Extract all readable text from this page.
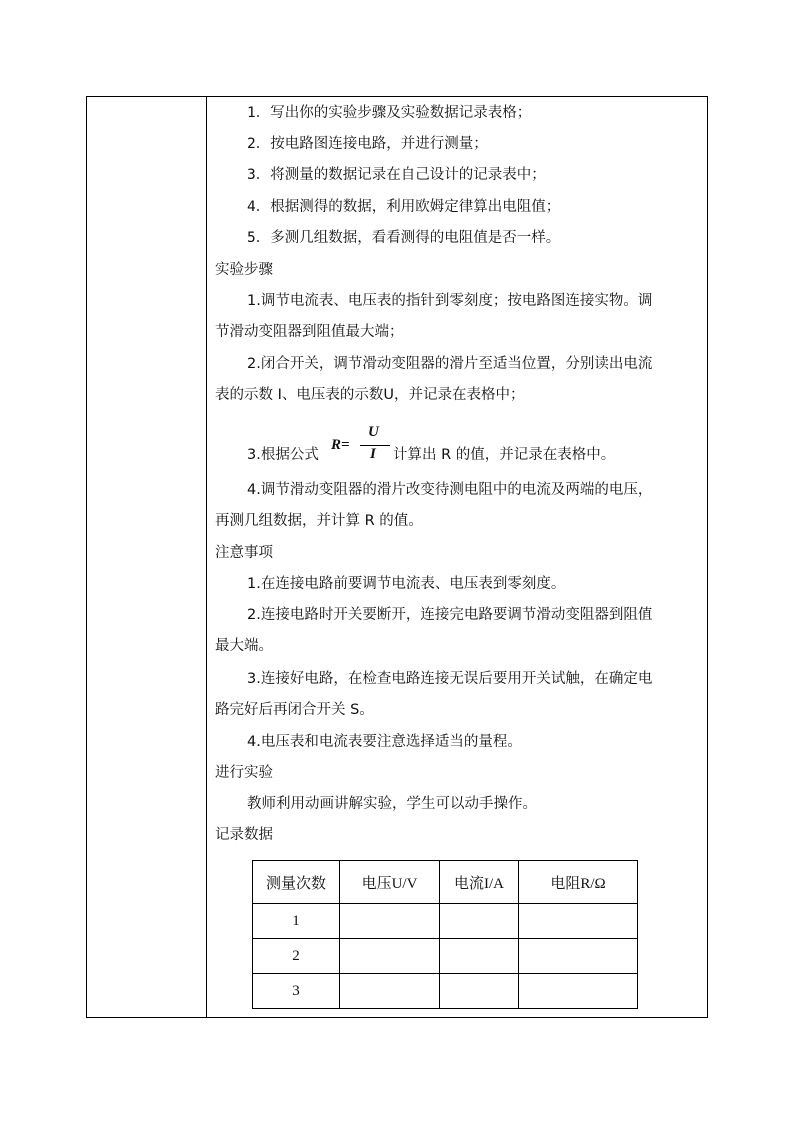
1．写出你的实验步骤及实验数据记录表格；
2．按电路图连接电路，并进行测量；
3．将测量的数据记录在自己设计的记录表中；
4．根据测得的数据，利用欧姆定律算出电阻值；
5．多测几组数据，看看测得的电阻值是否一样。
实验步骤
1.调节电流表、电压表的指针到零刻度；按电路图连接实物。调
节滑动变阻器到阻值最大端；
2.闭合开关，调节滑动变阻器的滑片至适当位置，分别读出电流
表的示数 I、电压表的示数U，并记录在表格中；
3.根据公式
R=
U
I 计算出 R 的值，并记录在表格中。
4.调节滑动变阻器的滑片改变待测电阻中的电流及两端的电压，
再测几组数据，并计算 R 的值。
注意事项
1.在连接电路前要调节电流表、电压表到零刻度。
2.连接电路时开关要断开，连接完电路要调节滑动变阻器到阻值
最大端。
3.连接好电路，在检查电路连接无误后要用开关试触，在确定电
路完好后再闭合开关 S。
4.电压表和电流表要注意选择适当的量程。
进行实验
教师利用动画讲解实验，学生可以动手操作。
记录数据
测量次数	电压U/V	电流I/A	电阻R/Ω
1			
2			
3			
